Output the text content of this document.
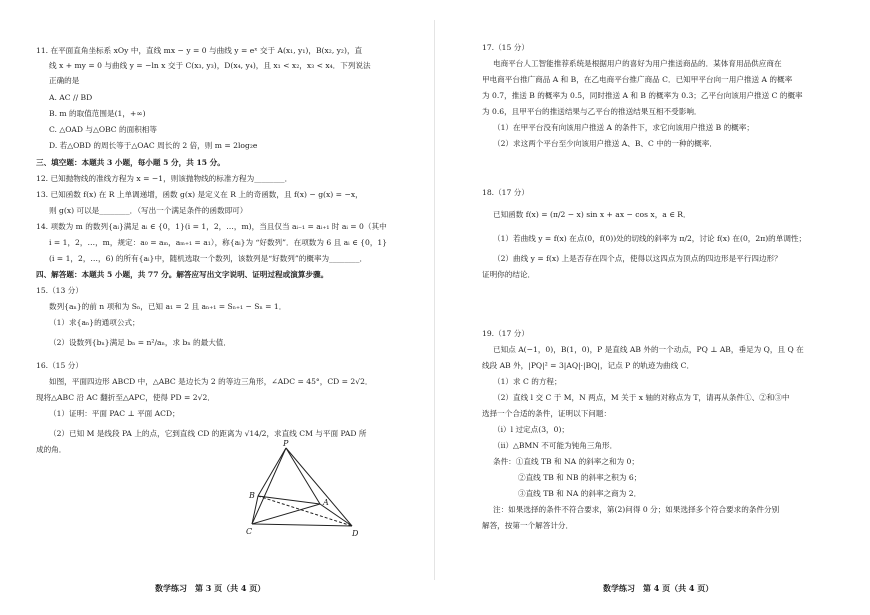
11. 在平面直角坐标系 xOy 中，直线 mx − y = 0 与曲线 y = eˣ 交于 A(x₁, y₁)，B(x₂, y₂)，直
线 x + my = 0 与曲线 y = −ln x 交于 C(x₃, y₃)，D(x₄, y₄)，且 x₁ < x₂，x₃ < x₄．下列说法
正确的是
A. AC // BD
B. m 的取值范围是(1，+∞)
C. △OAD 与△OBC 的面积相等
D. 若△OBD 的周长等于△OAC 周长的 2 倍，则 m = 2log₂e
三、填空题：本题共 3 小题，每小题 5 分，共 15 分。
12. 已知抛物线的准线方程为 x = −1，则该抛物线的标准方程为________．
13. 已知函数 f(x) 在 R 上单调递增，函数 g(x) 是定义在 R 上的奇函数，且 f(x) − g(x) = −x，
则 g(x) 可以是________．（写出一个满足条件的函数即可）
14. 项数为 m 的数列{aᵢ}满足 aᵢ ∈ {0，1}(i = 1，2，…，m)，当且仅当 aᵢ₋₁ = aᵢ₊₁ 时 aᵢ = 0（其中
i = 1，2，…，m，规定：a₀ = aₘ，aₘ₊₁ = a₁），称{aᵢ}为 “好数列”．在项数为 6 且 aᵢ ∈ {0，1}
(i = 1，2，…，6) 的所有{aᵢ}中，随机选取一个数列，该数列是“好数列”的概率为________．
四、解答题：本题共 5 小题，共 77 分。解答应写出文字说明、证明过程或演算步骤。
15.（13 分）
数列{aₙ}的前 n 项和为 Sₙ，已知 a₁ = 2 且 aₙ₊₁ = Sₙ₊₁ − Sₙ = 1．
（1）求{aₙ}的通项公式；
（2）设数列{bₙ}满足 bₙ = n²/aₙ，求 bₙ 的最大值．
16.（15 分）
如图，平面四边形 ABCD 中，△ABC 是边长为 2 的等边三角形，∠ADC = 45°，CD = 2√2．
现将△ABC 沿 AC 翻折至△APC，使得 PD = 2√2．
（1）证明：平面 PAC ⊥ 平面 ACD；
（2）已知 M 是线段 PA 上的点，它到直线 CD 的距离为 √14/2，求直线 CM 与平面 PAD 所
成的角．
P
B
A
C	D
数学练习　第 3 页（共 4 页）
17.（15 分）
电商平台人工智能推荐系统是根据用户的喜好为用户推送商品的．某体育用品供应商在
甲电商平台推广商品 A 和 B，在乙电商平台推广商品 C．已知甲平台向一用户推送 A 的概率
为 0.7，推送 B 的概率为 0.5，同时推送 A 和 B 的概率为 0.3；乙平台向该用户推送 C 的概率
为 0.6，且甲平台的推送结果与乙平台的推送结果互相不受影响．
（1）在甲平台没有向该用户推送 A 的条件下，求它向该用户推送 B 的概率；
（2）求这两个平台至少向该用户推送 A、B、C 中的一种的概率．
18.（17 分）
已知函数 f(x) = (π/2 − x) sin x + ax − cos x，a ∈ R．
（1）若曲线 y = f(x) 在点(0，f(0))处的切线的斜率为 π/2，讨论 f(x) 在(0，2π)的单调性；
（2）曲线 y = f(x) 上是否存在四个点，使得以这四点为顶点的四边形是平行四边形？
证明你的结论．
19.（17 分）
已知点 A(−1，0)，B(1，0)，P 是直线 AB 外的一个动点，PQ ⊥ AB，垂足为 Q，且 Q 在
线段 AB 外，|PQ|² = 3|AQ|·|BQ|，记点 P 的轨迹为曲线 C．
（1）求 C 的方程；
（2）直线 l 交 C 于 M，N 两点，M 关于 x 轴的对称点为 T，请再从条件①、②和③中
选择一个合适的条件，证明以下问题：
（i）l 过定点(3，0)；
（ii）△BMN 不可能为钝角三角形．
条件：①直线 TB 和 NA 的斜率之和为 0；
②直线 TB 和 NB 的斜率之积为 6；
③直线 TB 和 NA 的斜率之商为 2．
注：如果选择的条件不符合要求，第(2)问得 0 分；如果选择多个符合要求的条件分别
解答，按第一个解答计分．
数学练习　第 4 页（共 4 页）
